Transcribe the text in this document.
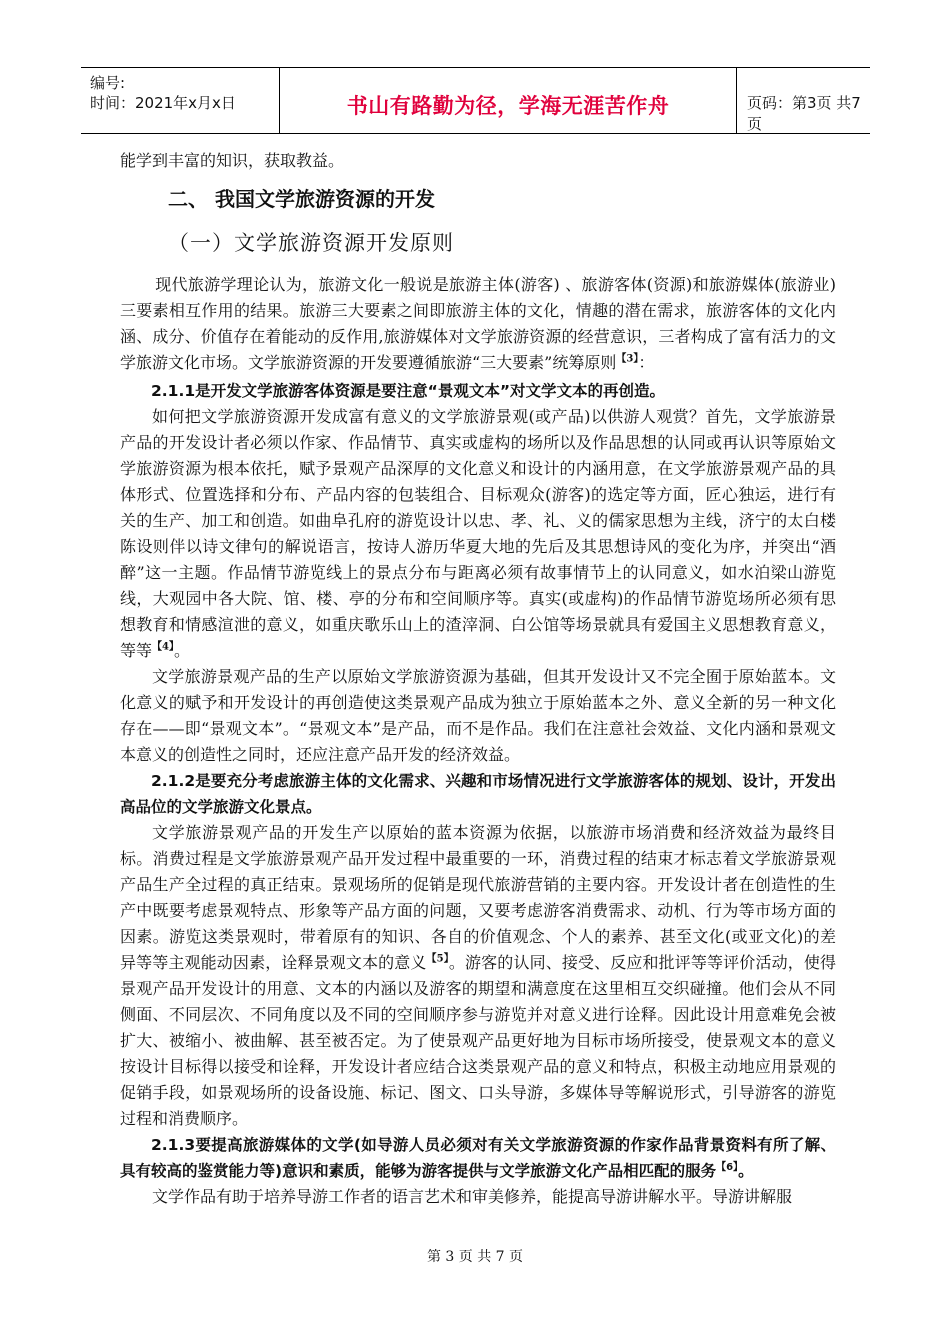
编号:
时间：2021年x月x日	书山有路勤为径，学海无涯苦作舟	页码：第3页 共7页

能学到丰富的知识，获取教益。

二、 我国文学旅游资源的开发

（一）文学旅游资源开发原则

现代旅游学理论认为，旅游文化一般说是旅游主体(游客) 、旅游客体(资源)和旅游媒体(旅游业)三要素相互作用的结果。旅游三大要素之间即旅游主体的文化，情趣的潜在需求，旅游客体的文化内涵、成分、价值存在着能动的反作用,旅游媒体对文学旅游资源的经营意识，三者构成了富有活力的文学旅游文化市场。文学旅游资源的开发要遵循旅游“三大要素”统筹原则$^{【3】}$：

2.1.1是开发文学旅游客体资源是要注意“景观文本”对文学文本的再创造。

如何把文学旅游资源开发成富有意义的文学旅游景观(或产品)以供游人观赏？首先，文学旅游景产品的开发设计者必须以作家、作品情节、真实或虚构的场所以及作品思想的认同或再认识等原始文学旅游资源为根本依托，赋予景观产品深厚的文化意义和设计的内涵用意，在文学旅游景观产品的具体形式、位置选择和分布、产品内容的包装组合、目标观众(游客)的选定等方面，匠心独运，进行有关的生产、加工和创造。如曲阜孔府的游览设计以忠、孝、礼、义的儒家思想为主线，济宁的太白楼陈设则伴以诗文律句的解说语言，按诗人游历华夏大地的先后及其思想诗风的变化为序，并突出“酒醉”这一主题。作品情节游览线上的景点分布与距离必须有故事情节上的认同意义，如水泊梁山游览线，大观园中各大院、馆、楼、亭的分布和空间顺序等。真实(或虚构)的作品情节游览场所必须有思想教育和情感渲泄的意义，如重庆歌乐山上的渣滓洞、白公馆等场景就具有爱国主义思想教育意义，等等$^{【4】}$。

文学旅游景观产品的生产以原始文学旅游资源为基础，但其开发设计又不完全囿于原始蓝本。文化意义的赋予和开发设计的再创造使这类景观产品成为独立于原始蓝本之外、意义全新的另一种文化存在——即“景观文本”。“景观文本”是产品，而不是作品。我们在注意社会效益、文化内涵和景观文本意义的创造性之同时，还应注意产品开发的经济效益。

2.1.2是要充分考虑旅游主体的文化需求、兴趣和市场情况进行文学旅游客体的规划、设计，开发出高品位的文学旅游文化景点。

文学旅游景观产品的开发生产以原始的蓝本资源为依据，以旅游市场消费和经济效益为最终目标。消费过程是文学旅游景观产品开发过程中最重要的一环，消费过程的结束才标志着文学旅游景观产品生产全过程的真正结束。景观场所的促销是现代旅游营销的主要内容。开发设计者在创造性的生产中既要考虑景观特点、形象等产品方面的问题，又要考虑游客消费需求、动机、行为等市场方面的因素。游览这类景观时，带着原有的知识、各自的价值观念、个人的素养、甚至文化(或亚文化)的差异等等主观能动因素，诠释景观文本的意义$^{【5】}$。游客的认同、接受、反应和批评等等评价活动，使得景观产品开发设计的用意、文本的内涵以及游客的期望和满意度在这里相互交织碰撞。他们会从不同侧面、不同层次、不同角度以及不同的空间顺序参与游览并对意义进行诠释。因此设计用意难免会被扩大、被缩小、被曲解、甚至被否定。为了使景观产品更好地为目标市场所接受，使景观文本的意义按设计目标得以接受和诠释，开发设计者应结合这类景观产品的意义和特点，积极主动地应用景观的促销手段，如景观场所的设备设施、标记、图文、口头导游，多媒体导等解说形式，引导游客的游览过程和消费顺序。

2.1.3要提高旅游媒体的文学(如导游人员必须对有关文学旅游资源的作家作品背景资料有所了解、具有较高的鉴赏能力等)意识和素质，能够为游客提供与文学旅游文化产品相匹配的服务$^{【6】}$。

文学作品有助于培养导游工作者的语言艺术和审美修养，能提高导游讲解水平。导游讲解服

第 3 页 共 7 页
